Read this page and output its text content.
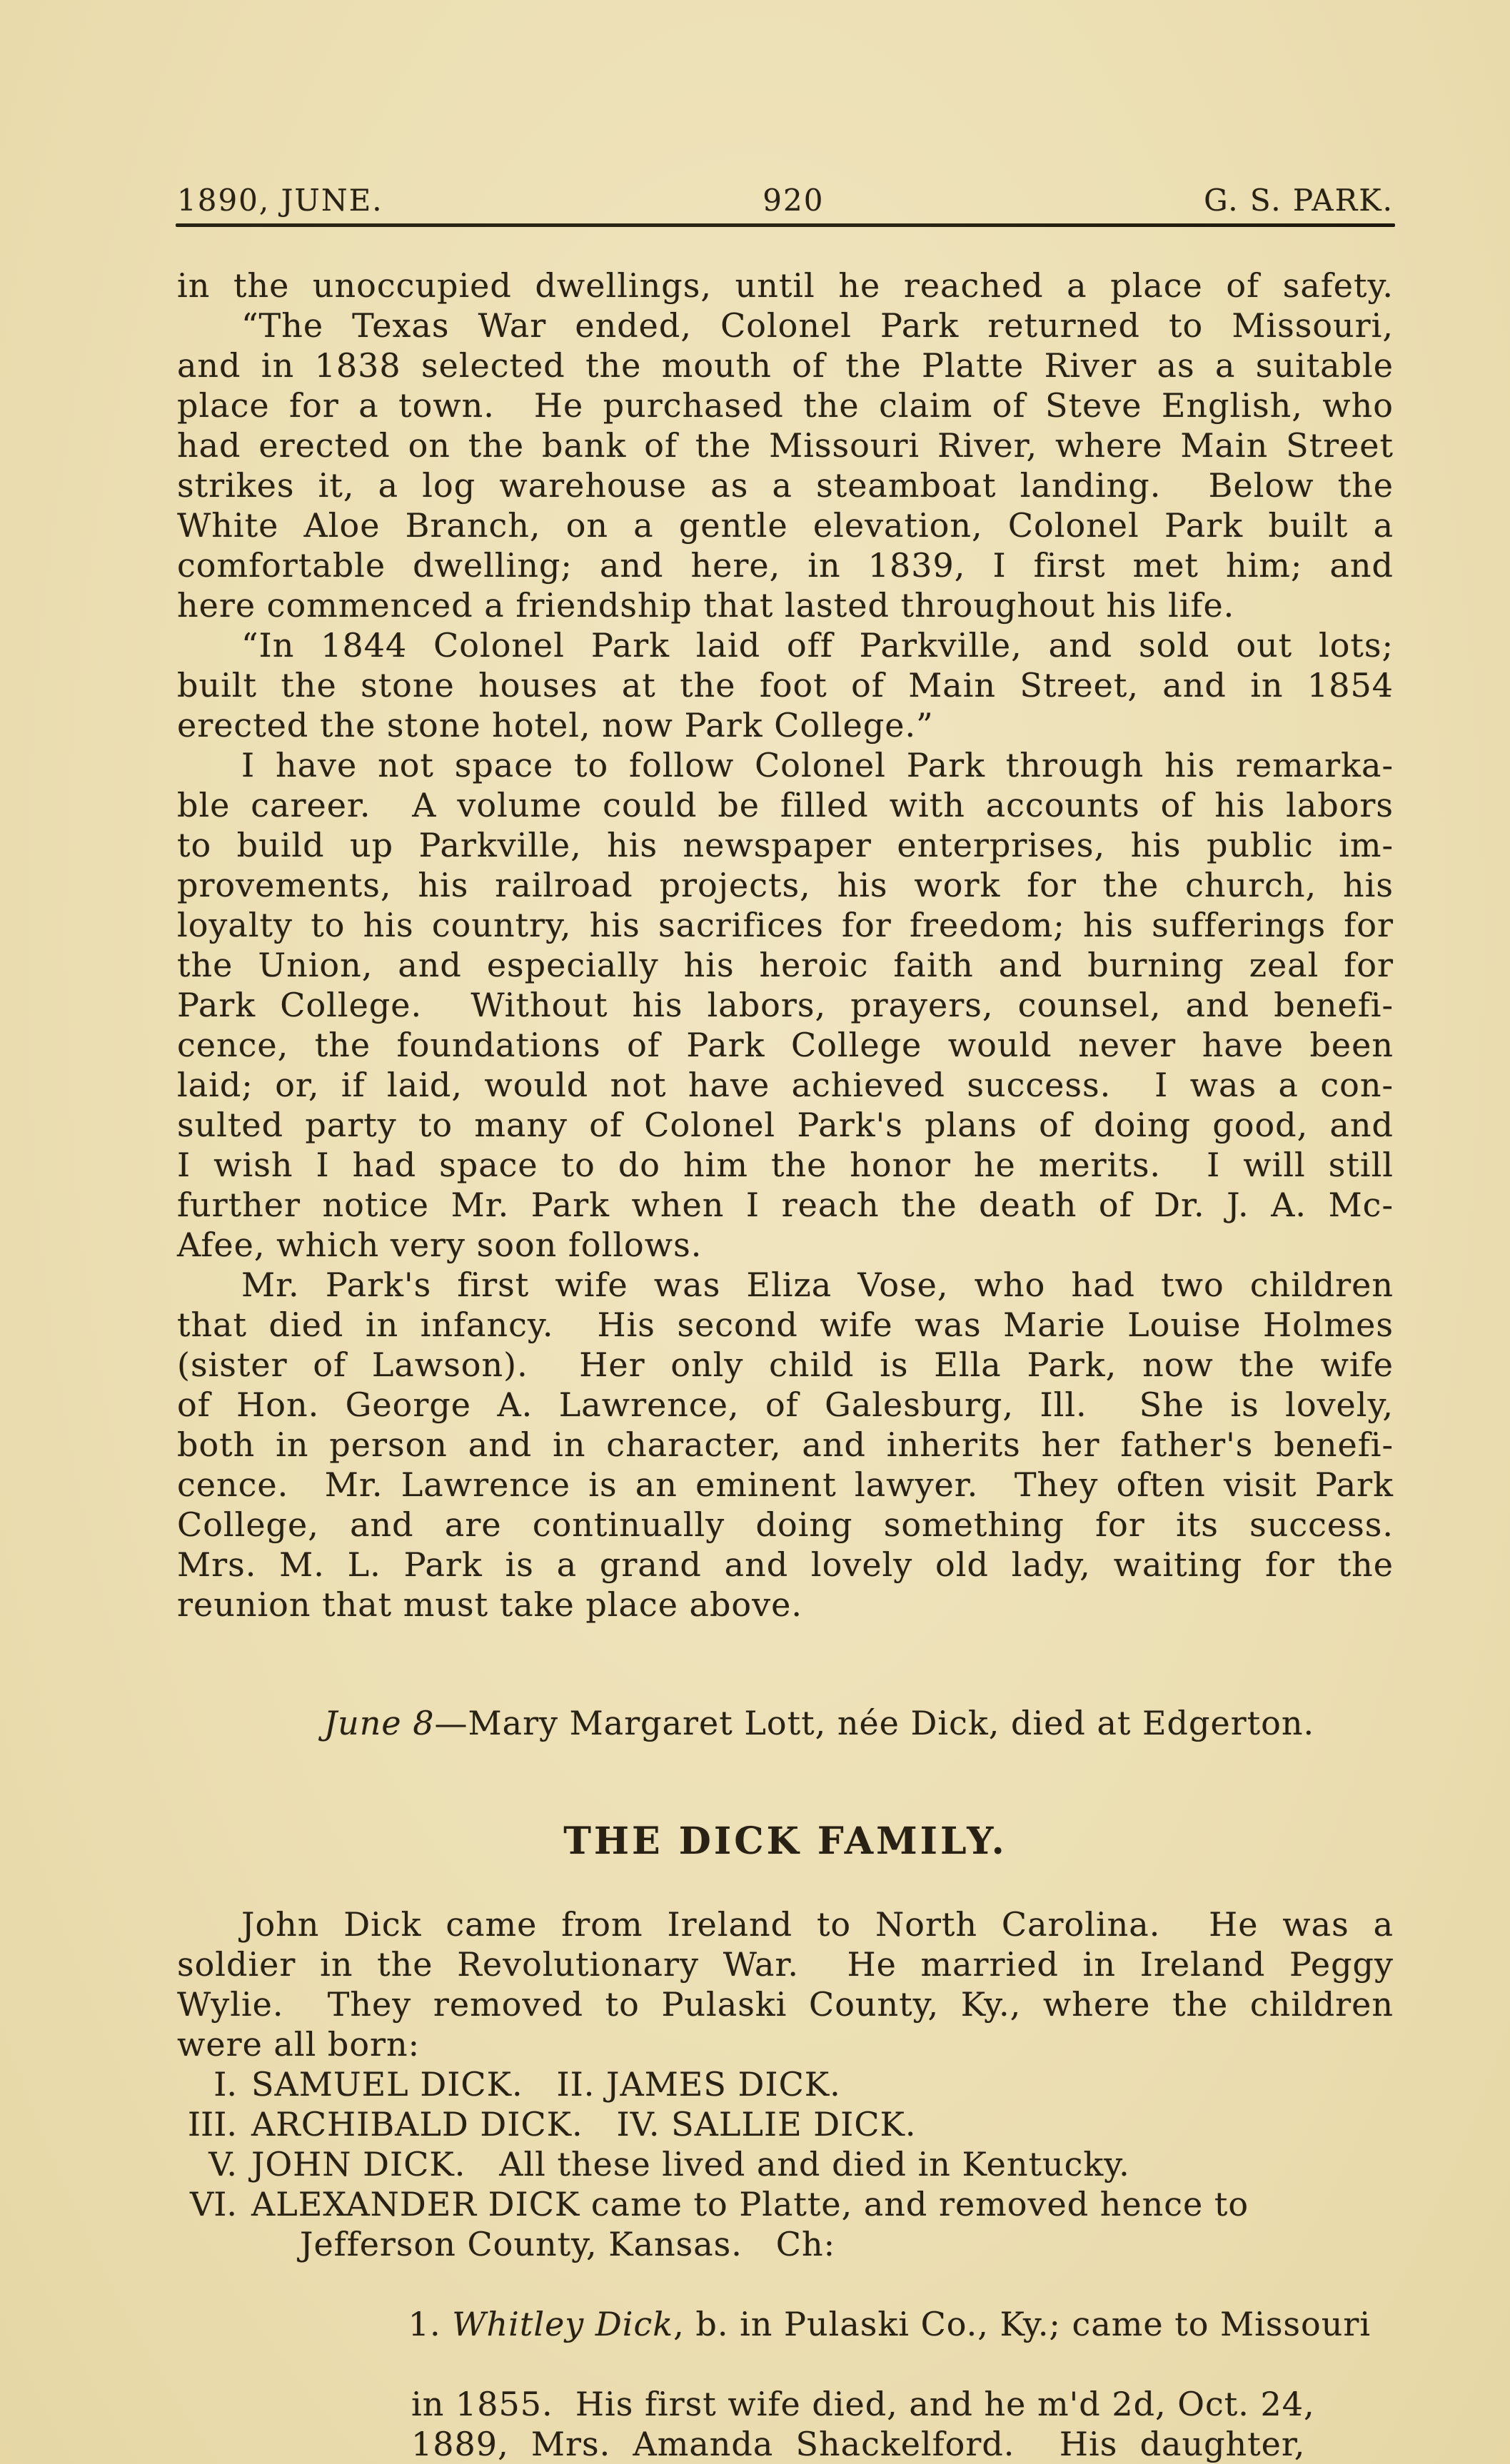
1890, JUNE.	920	G. S. PARK.
in the unoccupied dwellings, until he reached a place of safety.
“The Texas War ended, Colonel Park returned to Missouri,
and in 1838 selected the mouth of the Platte River as a suitable
place for a town.  He purchased the claim of Steve English, who
had erected on the bank of the Missouri River, where Main Street
strikes it, a log warehouse as a steamboat landing.  Below the
White Aloe Branch, on a gentle elevation, Colonel Park built a
comfortable dwelling; and here, in 1839, I first met him; and
here commenced a friendship that lasted throughout his life.
“In 1844 Colonel Park laid off Parkville, and sold out lots;
built the stone houses at the foot of Main Street, and in 1854
erected the stone hotel, now Park College.”
I have not space to follow Colonel Park through his remarka-
ble career.  A volume could be filled with accounts of his labors
to build up Parkville, his newspaper enterprises, his public im-
provements, his railroad projects, his work for the church, his
loyalty to his country, his sacrifices for freedom; his sufferings for
the Union, and especially his heroic faith and burning zeal for
Park College.  Without his labors, prayers, counsel, and benefi-
cence, the foundations of Park College would never have been
laid; or, if laid, would not have achieved success.  I was a con-
sulted party to many of Colonel Park's plans of doing good, and
I wish I had space to do him the honor he merits.  I will still
further notice Mr. Park when I reach the death of Dr. J. A. Mc-
Afee, which very soon follows.
Mr. Park's first wife was Eliza Vose, who had two children
that died in infancy.  His second wife was Marie Louise Holmes
(sister of Lawson).  Her only child is Ella Park, now the wife
of Hon. George A. Lawrence, of Galesburg, Ill.  She is lovely,
both in person and in character, and inherits her father's benefi-
cence.  Mr. Lawrence is an eminent lawyer.  They often visit Park
College, and are continually doing something for its success.
Mrs. M. L. Park is a grand and lovely old lady, waiting for the
reunion that must take place above.

June 8—Mary Margaret Lott, née Dick, died at Edgerton.

THE DICK FAMILY.
John Dick came from Ireland to North Carolina.  He was a
soldier in the Revolutionary War.  He married in Ireland Peggy
Wylie.  They removed to Pulaski County, Ky., where the children
were all born:
I. SAMUEL DICK.   II. JAMES DICK.
III. ARCHIBALD DICK.   IV. SALLIE DICK.
V. JOHN DICK.   All these lived and died in Kentucky.
VI. ALEXANDER DICK came to Platte, and removed hence to
Jefferson County, Kansas.   Ch:

1. Whitley Dick, b. in Pulaski Co., Ky.; came to Missouri

in 1855.  His first wife died, and he m'd 2d, Oct. 24,
1889,  Mrs.  Amanda  Shackelford.    His  daughter,
